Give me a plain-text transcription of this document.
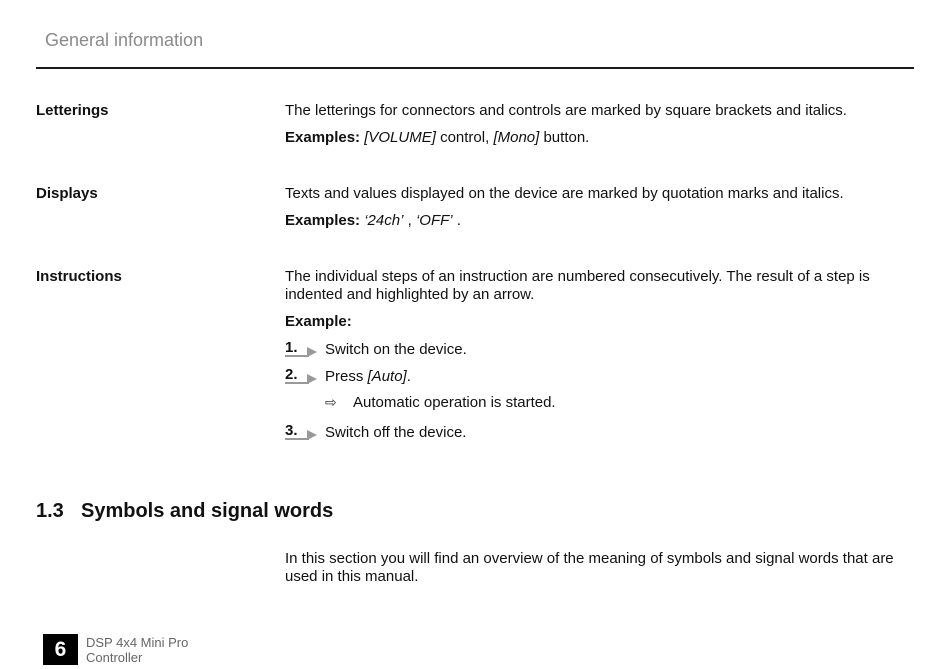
General information
Letterings	The letterings for connectors and controls are marked by square brackets and italics.

Examples: [VOLUME] control, [Mono] button.

Displays	Texts and values displayed on the device are marked by quotation marks and italics.

Examples: ‘24ch’ , ‘OFF’ .

Instructions	The individual steps of an instruction are numbered consecutively. The result of a step is indented and highlighted by an arrow.

Example:

1.	Switch on the device.
2.	Press [Auto].
⇨	Automatic operation is started.
3.	Switch off the device.
1.3 Symbols and signal words

In this section you will find an overview of the meaning of symbols and signal words that are used in this manual.

6	DSP 4x4 Mini Pro
Controller
